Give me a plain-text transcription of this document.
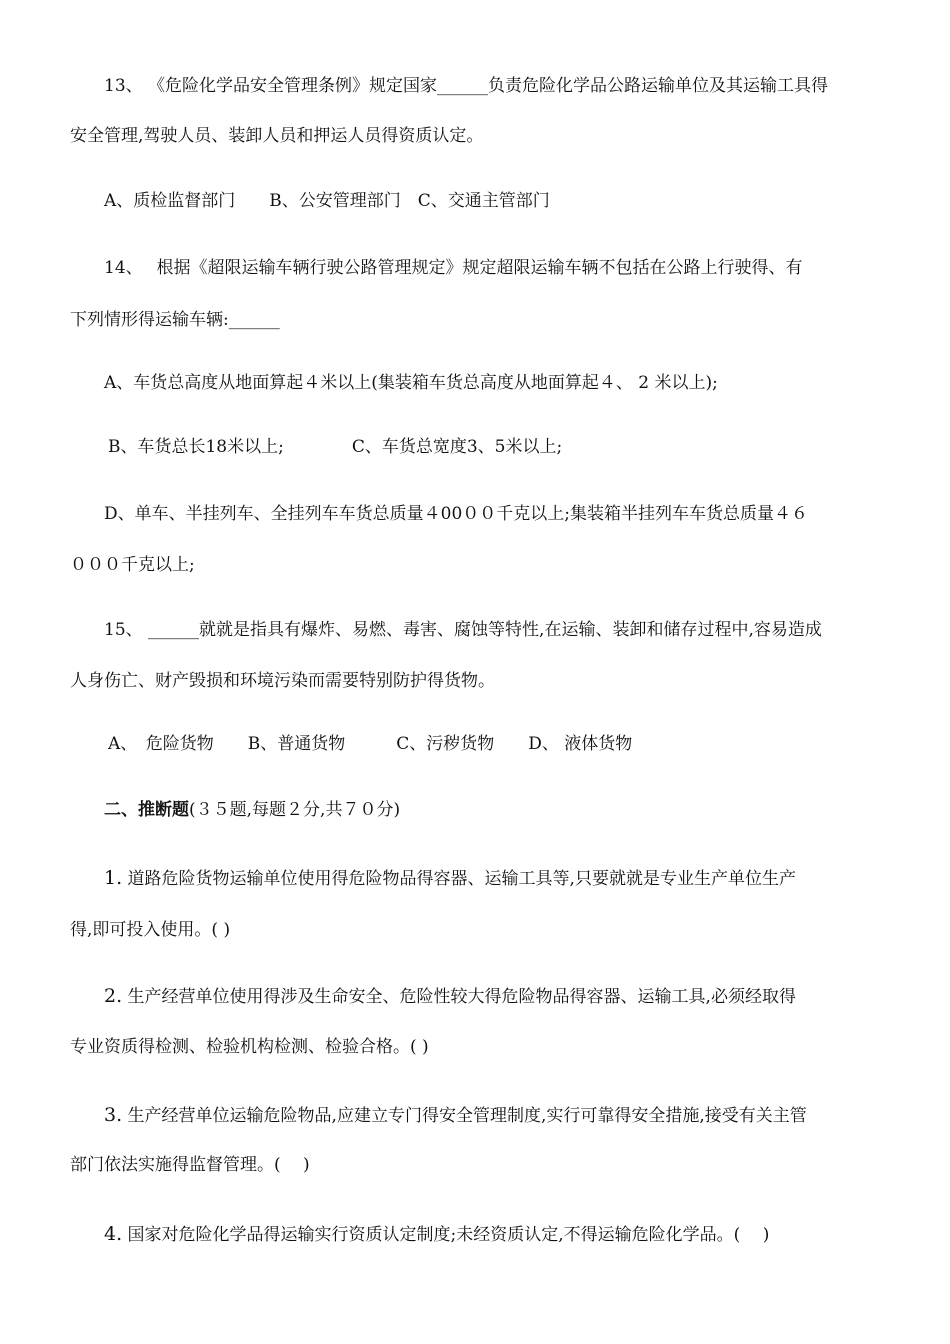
13、 《危险化学品安全管理条例》规定国家______负责危险化学品公路运输单位及其运输工具得
安全管理,驾驶人员、装卸人员和押运人员得资质认定。
A、质检监督部门　　B、公安管理部门　C、交通主管部门
14、　 根据《超限运输车辆行驶公路管理规定》规定超限运输车辆不包括在公路上行驶得、有
下列情形得运输车辆:______
A、车货总高度从地面算起４米以上(集装箱车货总高度从地面算起４、 2 米以上);
B、车货总长18米以上;　　　　C、车货总宽度3、5米以上;
D、单车、半挂列车、全挂列车车货总质量４00００千克以上;集装箱半挂列车车货总质量４６
０００千克以上;
15、 ______就就是指具有爆炸、易燃、毒害、腐蚀等特性,在运输、装卸和储存过程中,容易造成
人身伤亡、财产毁损和环境污染而需要特别防护得货物。
A、　危险货物　　B、普通货物　　　C、污秽货物　　D、 液体货物
二、推断题(３５题,每题２分,共７０分)
1. 道路危险货物运输单位使用得危险物品得容器、运输工具等,只要就就是专业生产单位生产
得,即可投入使用。( )
2. 生产经营单位使用得涉及生命安全、危险性较大得危险物品得容器、运输工具,必须经取得
专业资质得检测、检验机构检测、检验合格。( )
3. 生产经营单位运输危险物品,应建立专门得安全管理制度,实行可靠得安全措施,接受有关主管
部门依法实施得监督管理。(　 )
4. 国家对危险化学品得运输实行资质认定制度;未经资质认定,不得运输危险化学品。(　 )
